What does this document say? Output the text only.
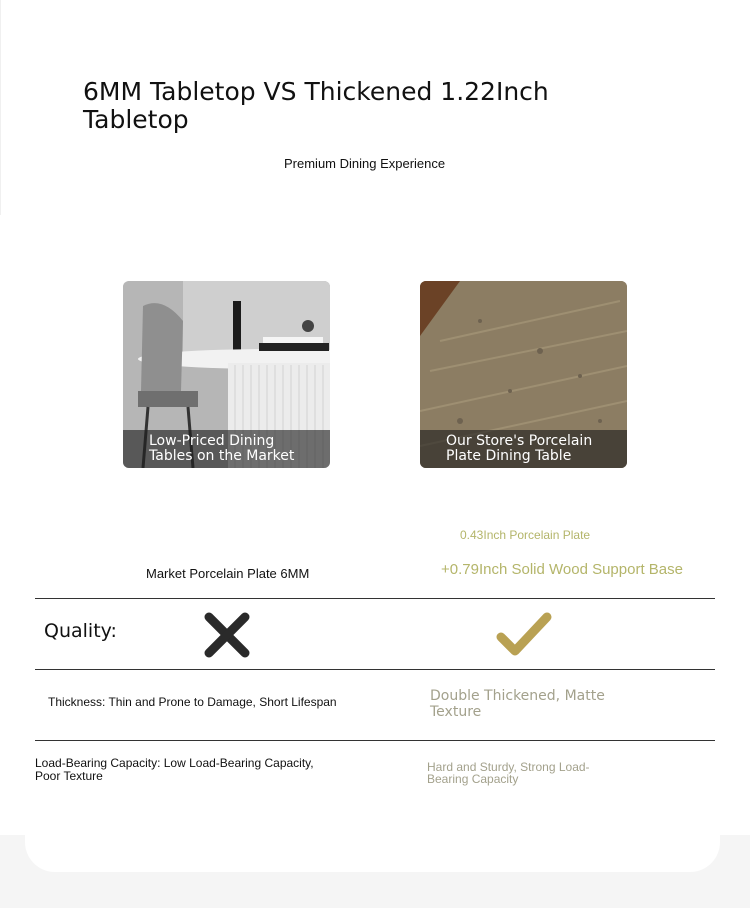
6MM Tabletop VS Thickened 1.22Inch Tabletop
Premium Dining Experience
Low-Priced Dining Tables on the Market
Our Store's Porcelain Plate Dining Table
0.43Inch Porcelain Plate
+0.79Inch Solid Wood Support Base
Market Porcelain Plate 6MM
Quality:
Thickness: Thin and Prone to Damage, Short Lifespan	Double Thickened, Matte Texture
Load-Bearing Capacity: Low Load-Bearing Capacity, Poor Texture
Hard and Sturdy, Strong Load-Bearing Capacity
